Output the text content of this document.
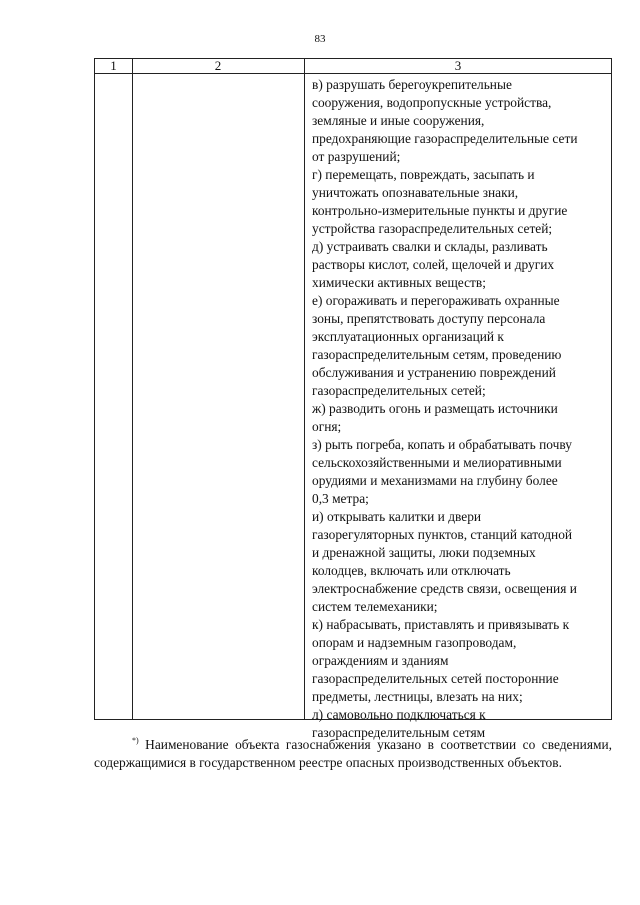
83
1	2	3
в) разрушать берегоукрепительные
сооружения, водопропускные устройства,
земляные и иные сооружения,
предохраняющие газораспределительные сети
от разрушений;
г) перемещать, повреждать, засыпать и
уничтожать опознавательные знаки,
контрольно-измерительные пункты и другие
устройства газораспределительных сетей;
д) устраивать свалки и склады, разливать
растворы кислот, солей, щелочей и других
химически активных веществ;
е) огораживать и перегораживать охранные
зоны, препятствовать доступу персонала
эксплуатационных организаций к
газораспределительным сетям, проведению
обслуживания и устранению повреждений
газораспределительных сетей;
ж) разводить огонь и размещать источники
огня;
з) рыть погреба, копать и обрабатывать почву
сельскохозяйственными и мелиоративными
орудиями и механизмами на глубину более
0,3 метра;
и) открывать калитки и двери
газорегуляторных пунктов, станций катодной
и дренажной защиты, люки подземных
колодцев, включать или отключать
электроснабжение средств связи, освещения и
систем телемеханики;
к) набрасывать, приставлять и привязывать к
опорам и надземным газопроводам,
ограждениям и зданиям
газораспределительных сетей посторонние
предметы, лестницы, влезать на них;
л) самовольно подключаться к
газораспределительным сетям

*) Наименование объекта газоснабжения указано в соответствии со сведениями, содержащимися в государственном реестре опасных производственных объектов.
